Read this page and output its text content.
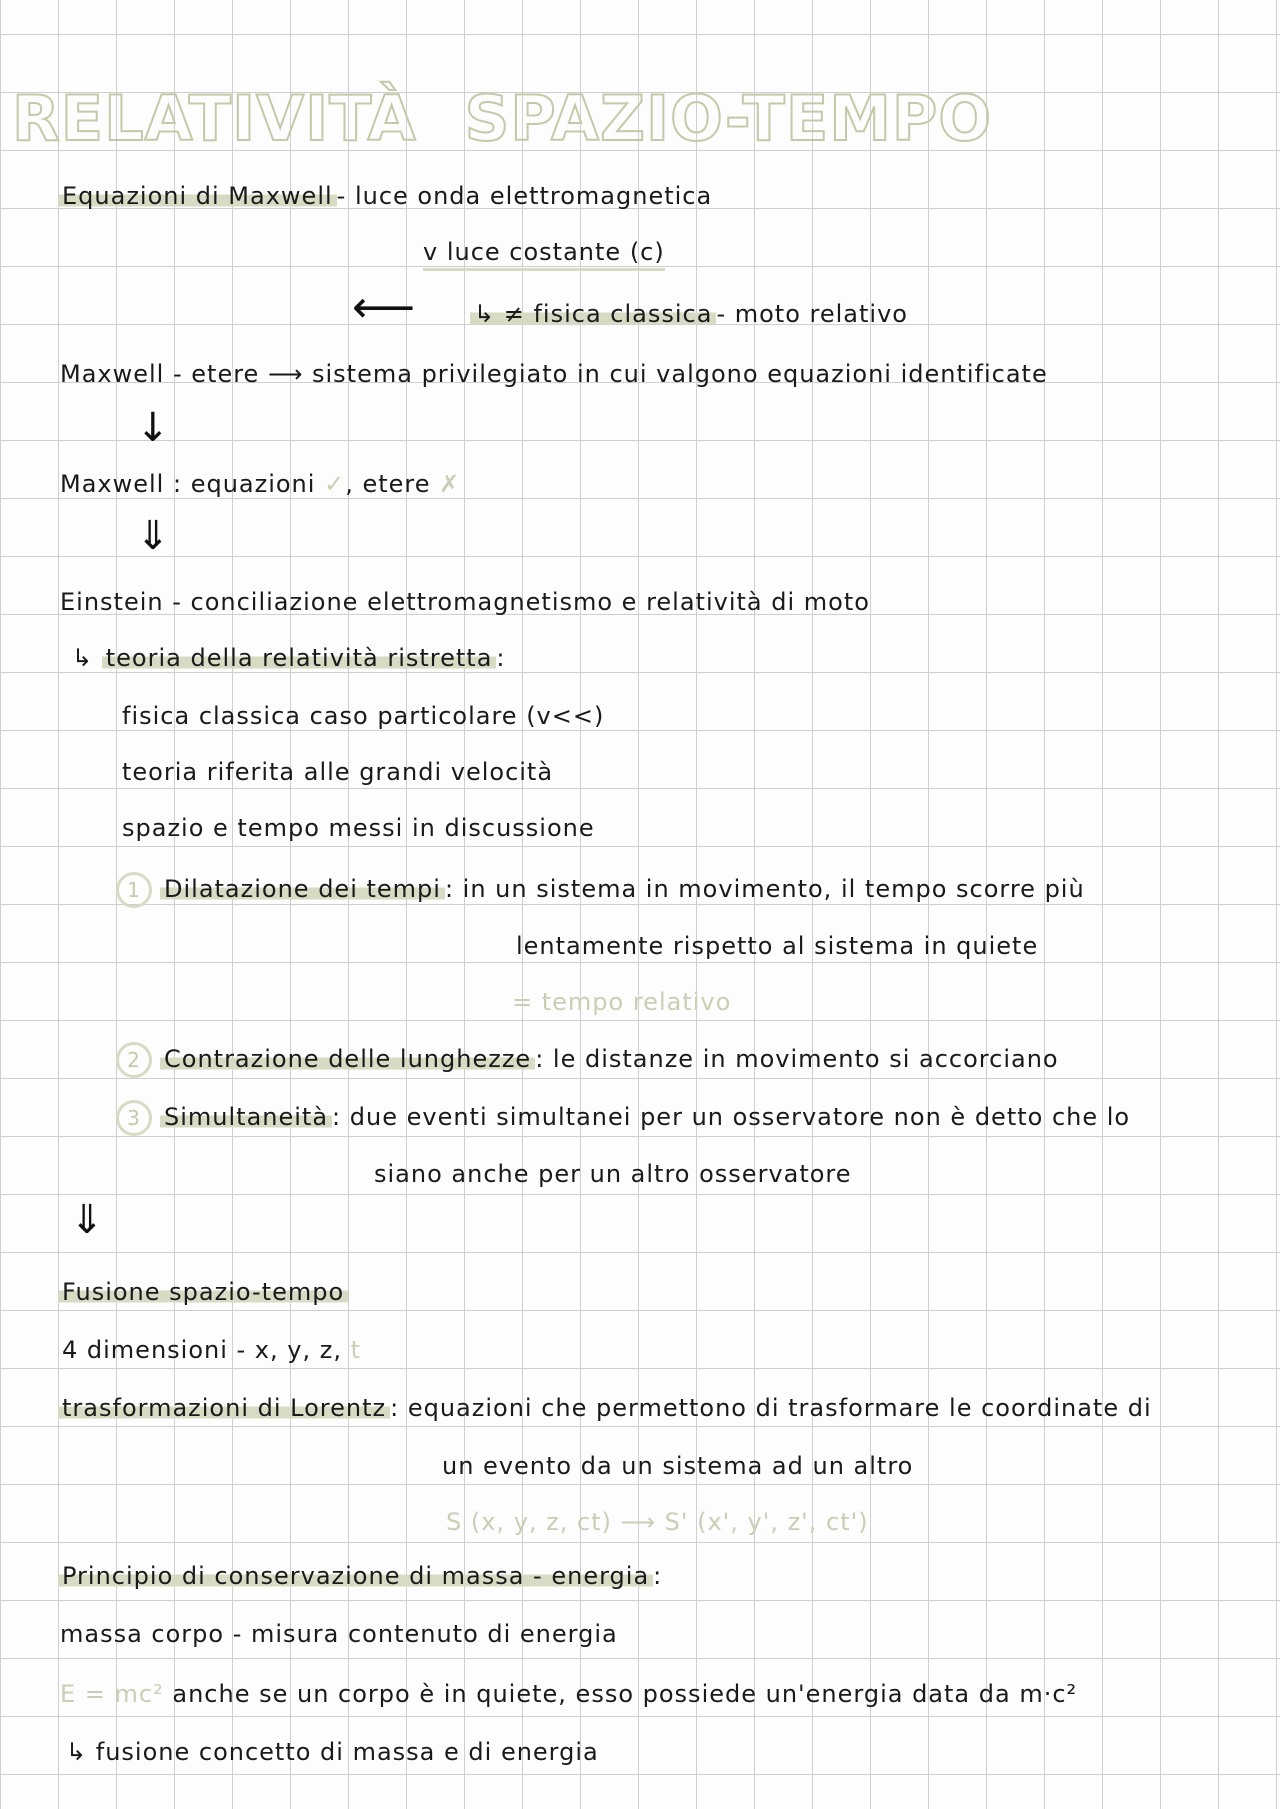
RELATIVITÀ SPAZIO-TEMPO
Equazioni di Maxwell - luce onda elettromagnetica
v luce costante (c)
⟵ ↳ ≠ fisica classica - moto relativo
Maxwell - etere ⟶ sistema privilegiato in cui valgono equazioni identificate
↓
Maxwell : equazioni ✓, etere ✗
⇓
Einstein - conciliazione elettromagnetismo e relatività di moto
↳ teoria della relatività ristretta :
fisica classica caso particolare (v<<)
teoria riferita alle grandi velocità
spazio e tempo messi in discussione
1 Dilatazione dei tempi : in un sistema in movimento, il tempo scorre più
lentamente rispetto al sistema in quiete
= tempo relativo
2 Contrazione delle lunghezze : le distanze in movimento si accorciano
3 Simultaneità : due eventi simultanei per un osservatore non è detto che lo
siano anche per un altro osservatore
⇓
Fusione spazio-tempo
4 dimensioni - x, y, z, t
trasformazioni di Lorentz : equazioni che permettono di trasformare le coordinate di
un evento da un sistema ad un altro
S (x, y, z, ct) ⟶ S' (x', y', z', ct')
Principio di conservazione di massa - energia :
massa corpo - misura contenuto di energia
E = mc² anche se un corpo è in quiete, esso possiede un'energia data da m·c²
↳ fusione concetto di massa e di energia
